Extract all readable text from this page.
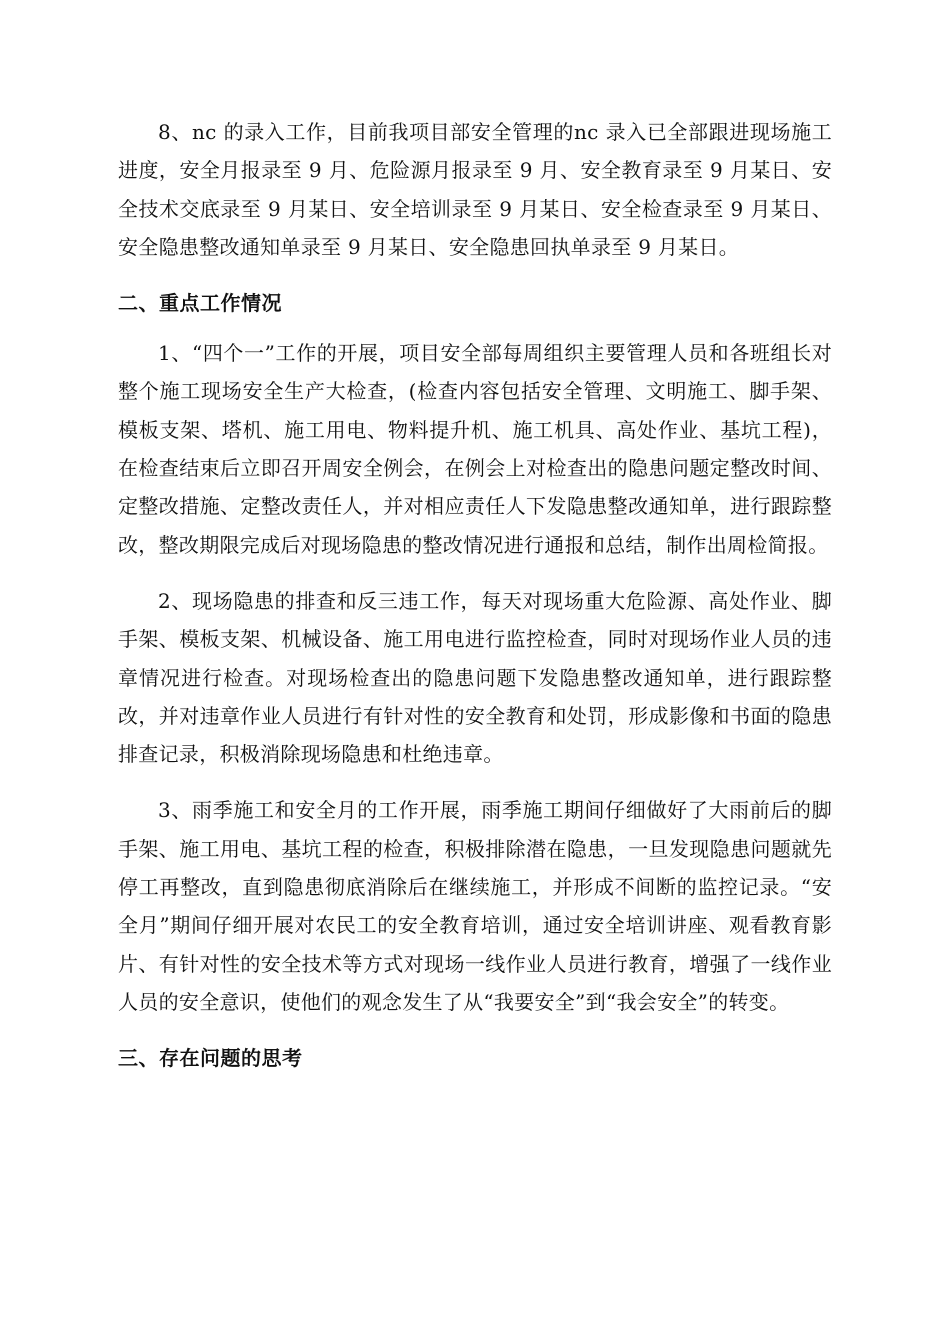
8、nc 的录入工作，目前我项目部安全管理的nc 录入已全部跟进现场施工进度，安全月报录至 9 月、危险源月报录至 9 月、安全教育录至 9 月某日、安全技术交底录至 9 月某日、安全培训录至 9 月某日、安全检查录至 9 月某日、安全隐患整改通知单录至 9 月某日、安全隐患回执单录至 9 月某日。

二、重点工作情况

1、“四个一”工作的开展，项目安全部每周组织主要管理人员和各班组长对整个施工现场安全生产大检查，(检查内容包括安全管理、文明施工、脚手架、模板支架、塔机、施工用电、物料提升机、施工机具、高处作业、基坑工程)，在检查结束后立即召开周安全例会，在例会上对检查出的隐患问题定整改时间、定整改措施、定整改责任人，并对相应责任人下发隐患整改通知单，进行跟踪整改，整改期限完成后对现场隐患的整改情况进行通报和总结，制作出周检简报。

2、现场隐患的排查和反三违工作，每天对现场重大危险源、高处作业、脚手架、模板支架、机械设备、施工用电进行监控检查，同时对现场作业人员的违章情况进行检查。对现场检查出的隐患问题下发隐患整改通知单，进行跟踪整改，并对违章作业人员进行有针对性的安全教育和处罚，形成影像和书面的隐患排查记录，积极消除现场隐患和杜绝违章。

3、雨季施工和安全月的工作开展，雨季施工期间仔细做好了大雨前后的脚手架、施工用电、基坑工程的检查，积极排除潜在隐患，一旦发现隐患问题就先停工再整改，直到隐患彻底消除后在继续施工，并形成不间断的监控记录。“安全月”期间仔细开展对农民工的安全教育培训，通过安全培训讲座、观看教育影片、有针对性的安全技术等方式对现场一线作业人员进行教育，增强了一线作业人员的安全意识，使他们的观念发生了从“我要安全”到“我会安全”的转变。

三、存在问题的思考
